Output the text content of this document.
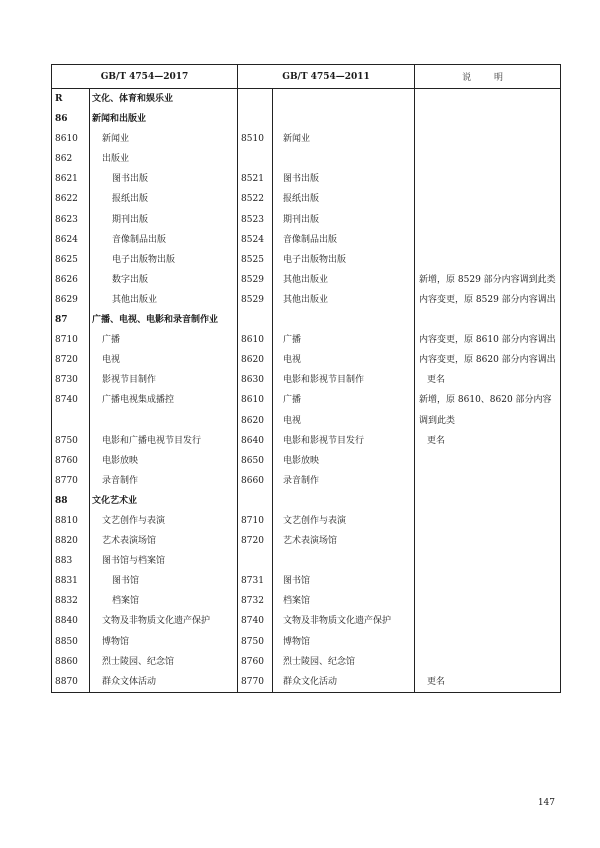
GB/T 4754—2017		GB/T 4754—2011		说 明
R	文化、体育和娱乐业			
86	新闻和出版业			
8610	新闻业	8510	新闻业	
862	出版业			
8621	图书出版	8521	图书出版	
8622	报纸出版	8522	报纸出版	
8623	期刊出版	8523	期刊出版	
8624	音像制品出版	8524	音像制品出版	
8625	电子出版物出版	8525	电子出版物出版	
8626	数字出版	8529	其他出版业	新增，原 8529 部分内容调到此类
8629	其他出版业	8529	其他出版业	内容变更，原 8529 部分内容调出
87	广播、电视、电影和录音制作业			
8710	广播	8610	广播	内容变更，原 8610 部分内容调出
8720	电视	8620	电视	内容变更，原 8620 部分内容调出
8730	影视节目制作	8630	电影和影视节目制作	更名
8740	广播电视集成播控	8610	广播	新增，原 8610、8620 部分内容调到此类
		8620	电视	
8750	电影和广播电视节目发行	8640	电影和影视节目发行	更名
8760	电影放映	8650	电影放映	
8770	录音制作	8660	录音制作	
88	文化艺术业			
8810	文艺创作与表演	8710	文艺创作与表演	
8820	艺术表演场馆	8720	艺术表演场馆	
883	图书馆与档案馆			
8831	图书馆	8731	图书馆	
8832	档案馆	8732	档案馆	
8840	文物及非物质文化遗产保护	8740	文物及非物质文化遗产保护	
8850	博物馆	8750	博物馆	
8860	烈士陵园、纪念馆	8760	烈士陵园、纪念馆	
8870	群众文体活动	8770	群众文化活动	更名
147
